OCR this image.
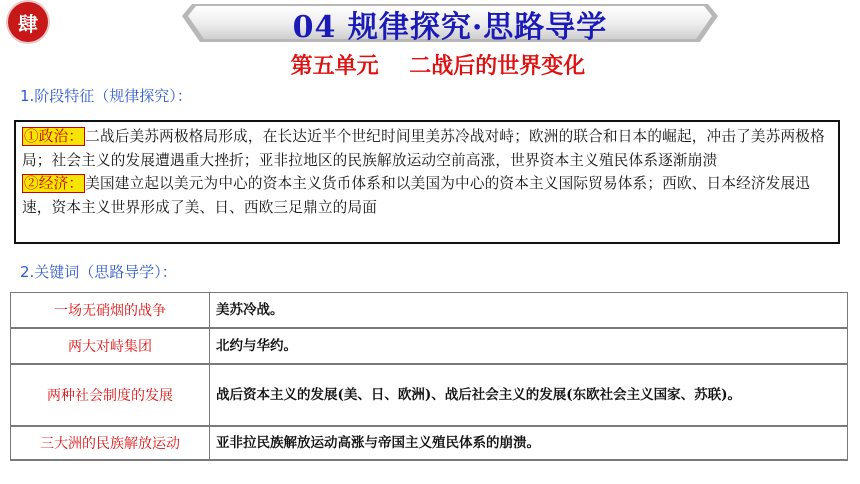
肆	04 规律探究·思路导学
第五单元    二战后的世界变化
1.阶段特征（规律探究）：
①政治： 二战后美苏两极格局形成，在长达近半个世纪时间里美苏冷战对峙；欧洲的联合和日本的崛起，冲击了美苏两极格局；社会主义的发展遭遇重大挫折；亚非拉地区的民族解放运动空前高涨，世界资本主义殖民体系逐渐崩溃
②经济： 美国建立起以美元为中心的资本主义货币体系和以美国为中心的资本主义国际贸易体系；西欧、日本经济发展迅速，资本主义世界形成了美、日、西欧三足鼎立的局面
2.关键词（思路导学）：
一场无硝烟的战争	美苏冷战。
两大对峙集团	北约与华约。
两种社会制度的发展	战后资本主义的发展(美、日、欧洲)、战后社会主义的发展(东欧社会主义国家、苏联)。
三大洲的民族解放运动	亚非拉民族解放运动高涨与帝国主义殖民体系的崩溃。
